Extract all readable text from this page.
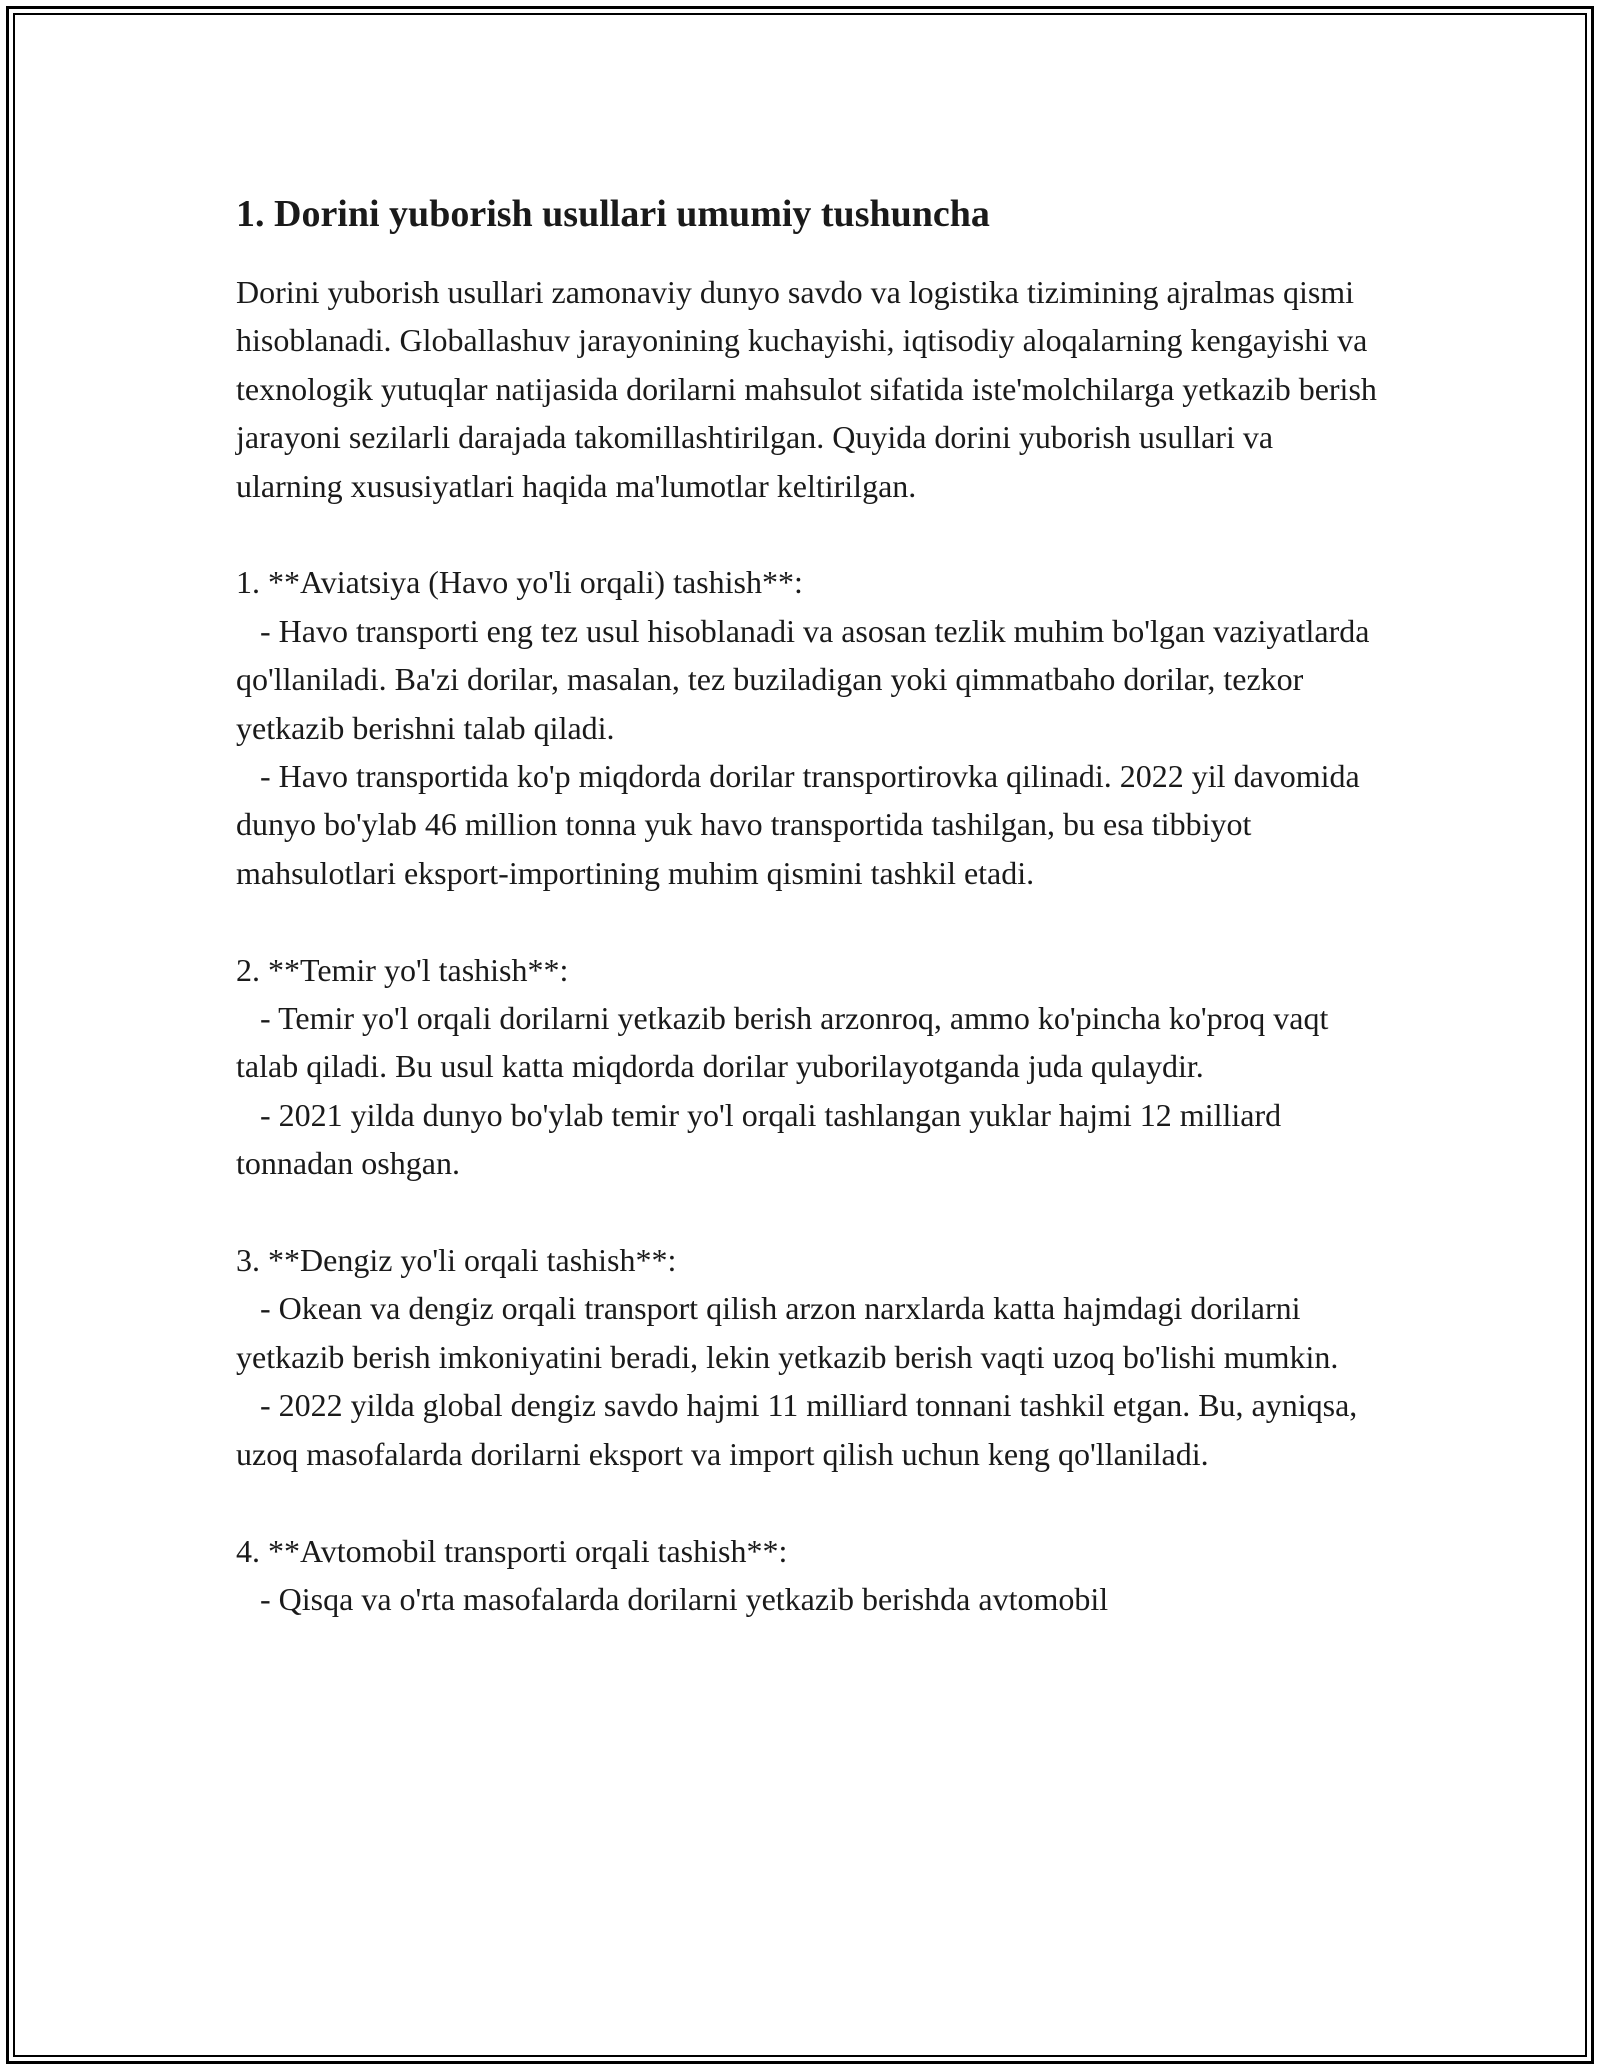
1. Dorini yuborish usullari umumiy tushuncha

Dorini yuborish usullari zamonaviy dunyo savdo va logistika tizimining ajralmas qismi hisoblanadi. Globallashuv jarayonining kuchayishi, iqtisodiy aloqalarning kengayishi va texnologik yutuqlar natijasida dorilarni mahsulot sifatida iste'molchilarga yetkazib berish jarayoni sezilarli darajada takomillashtirilgan. Quyida dorini yuborish usullari va ularning xususiyatlari haqida ma'lumotlar keltirilgan.

1. **Aviatsiya (Havo yo'li orqali) tashish**:

- Havo transporti eng tez usul hisoblanadi va asosan tezlik muhim bo'lgan vaziyatlarda qo'llaniladi. Ba'zi dorilar, masalan, tez buziladigan yoki qimmatbaho dorilar, tezkor yetkazib berishni talab qiladi.

- Havo transportida ko'p miqdorda dorilar transportirovka qilinadi. 2022 yil davomida dunyo bo'ylab 46 million tonna yuk havo transportida tashilgan, bu esa tibbiyot mahsulotlari eksport-importining muhim qismini tashkil etadi.

2. **Temir yo'l tashish**:

- Temir yo'l orqali dorilarni yetkazib berish arzonroq, ammo ko'pincha ko'proq vaqt talab qiladi. Bu usul katta miqdorda dorilar yuborilayotganda juda qulaydir.

- 2021 yilda dunyo bo'ylab temir yo'l orqali tashlangan yuklar hajmi 12 milliard tonnadan oshgan.

3. **Dengiz yo'li orqali tashish**:

- Okean va dengiz orqali transport qilish arzon narxlarda katta hajmdagi dorilarni yetkazib berish imkoniyatini beradi, lekin yetkazib berish vaqti uzoq bo'lishi mumkin.

- 2022 yilda global dengiz savdo hajmi 11 milliard tonnani tashkil etgan. Bu, ayniqsa, uzoq masofalarda dorilarni eksport va import qilish uchun keng qo'llaniladi.

4. **Avtomobil transporti orqali tashish**:

- Qisqa va o'rta masofalarda dorilarni yetkazib berishda avtomobil
